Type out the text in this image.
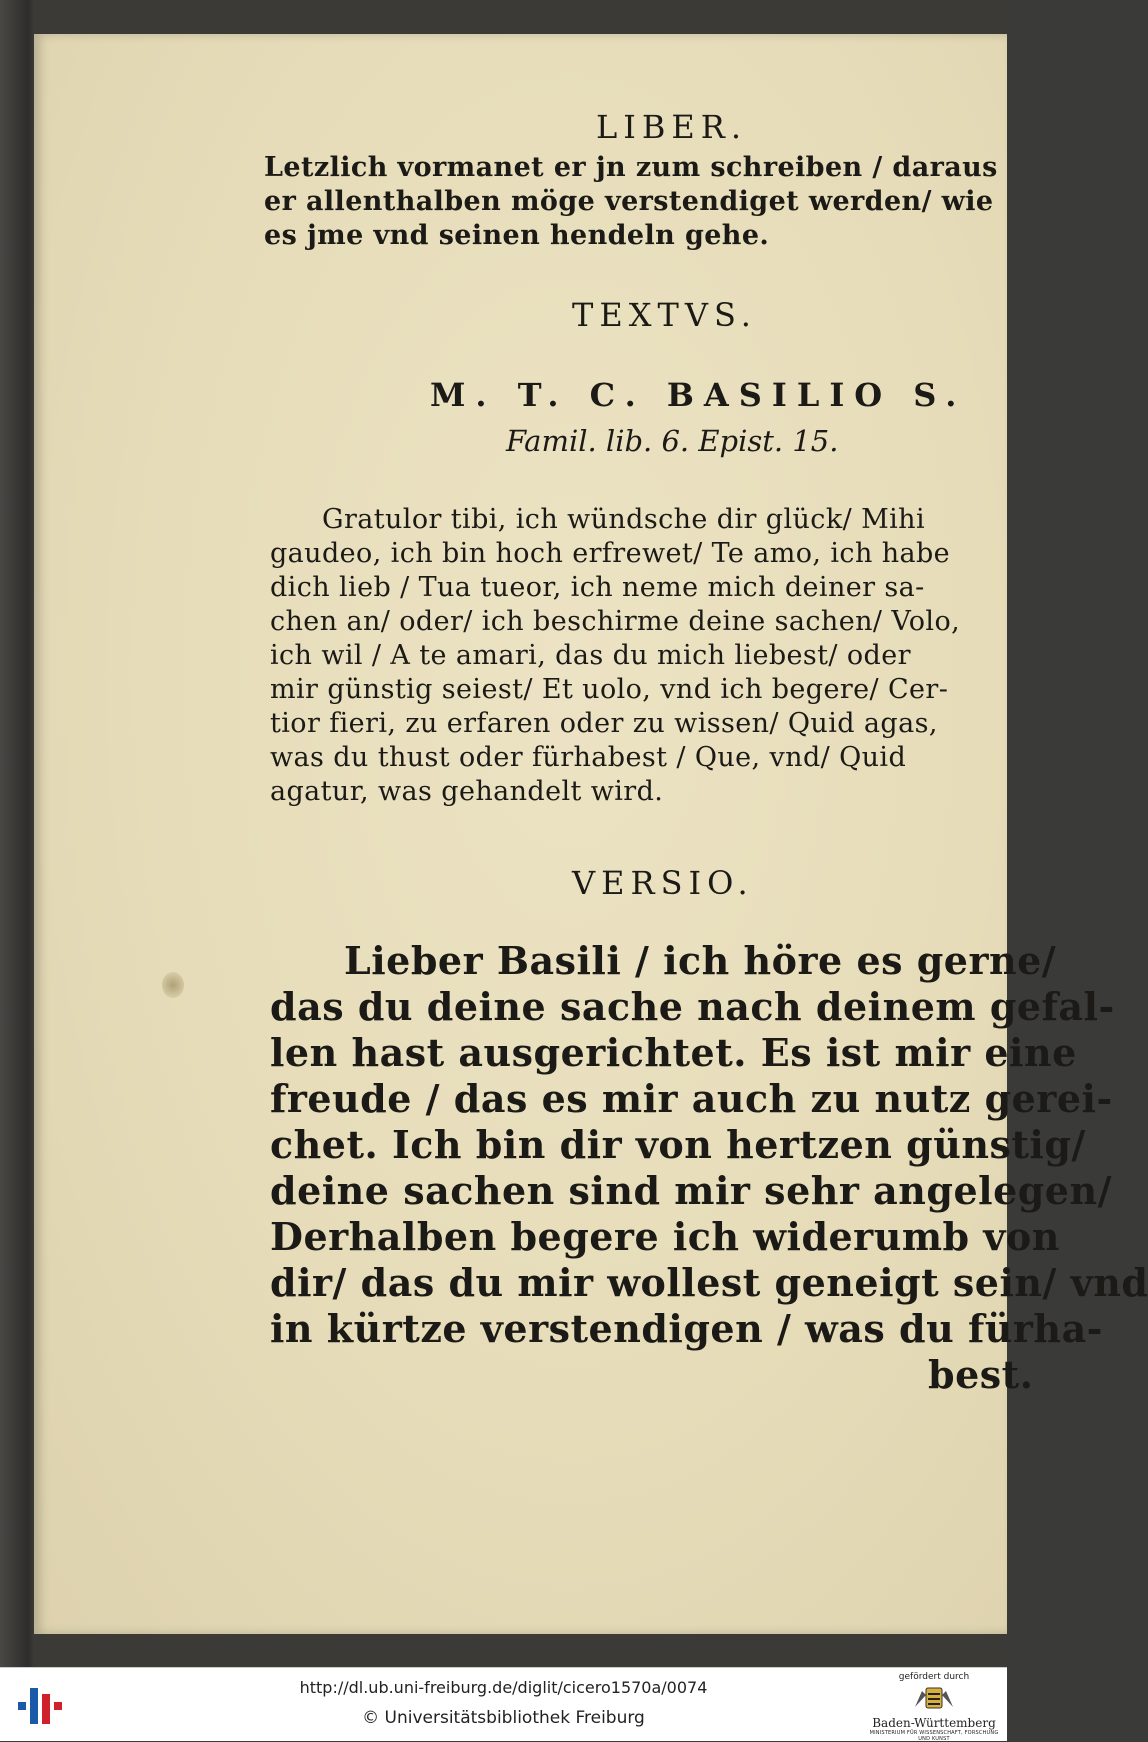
LIBER.
Letzlich vormanet er jn zum schreiben / daraus
er allenthalben möge verstendiget werden/ wie
es jme vnd seinen hendeln gehe.
TEXTVS.
M. T. C. BASILIO S.
Famil. lib. 6. Epist. 15.
Gratulor tibi, ich wündsche dir glück/ Mihi
gaudeo, ich bin hoch erfrewet/ Te amo, ich habe
dich lieb / Tua tueor, ich neme mich deiner sa-
chen an/ oder/ ich beschirme deine sachen/ Volo,
ich wil / A te amari, das du mich liebest/ oder
mir günstig seiest/ Et uolo, vnd ich begere/ Cer-
tior fieri, zu erfaren oder zu wissen/ Quid agas,
was du thust oder fürhabest / Que, vnd/ Quid
agatur, was gehandelt wird.
VERSIO.
Lieber Basili / ich höre es gerne/
das du deine sache nach deinem gefal-
len hast ausgerichtet. Es ist mir eine
freude / das es mir auch zu nutz gerei-
chet. Ich bin dir von hertzen günstig/
deine sachen sind mir sehr angelegen/
Derhalben begere ich widerumb von
dir/ das du mir wollest geneigt sein/ vnd
in kürtze verstendigen / was du fürha-
best.
http://dl.ub.uni-freiburg.de/diglit/cicero1570a/0074
© Universitätsbibliothek Freiburg
gefördert durch
Baden-Württemberg
MINISTERIUM FÜR WISSENSCHAFT, FORSCHUNG UND KUNST
